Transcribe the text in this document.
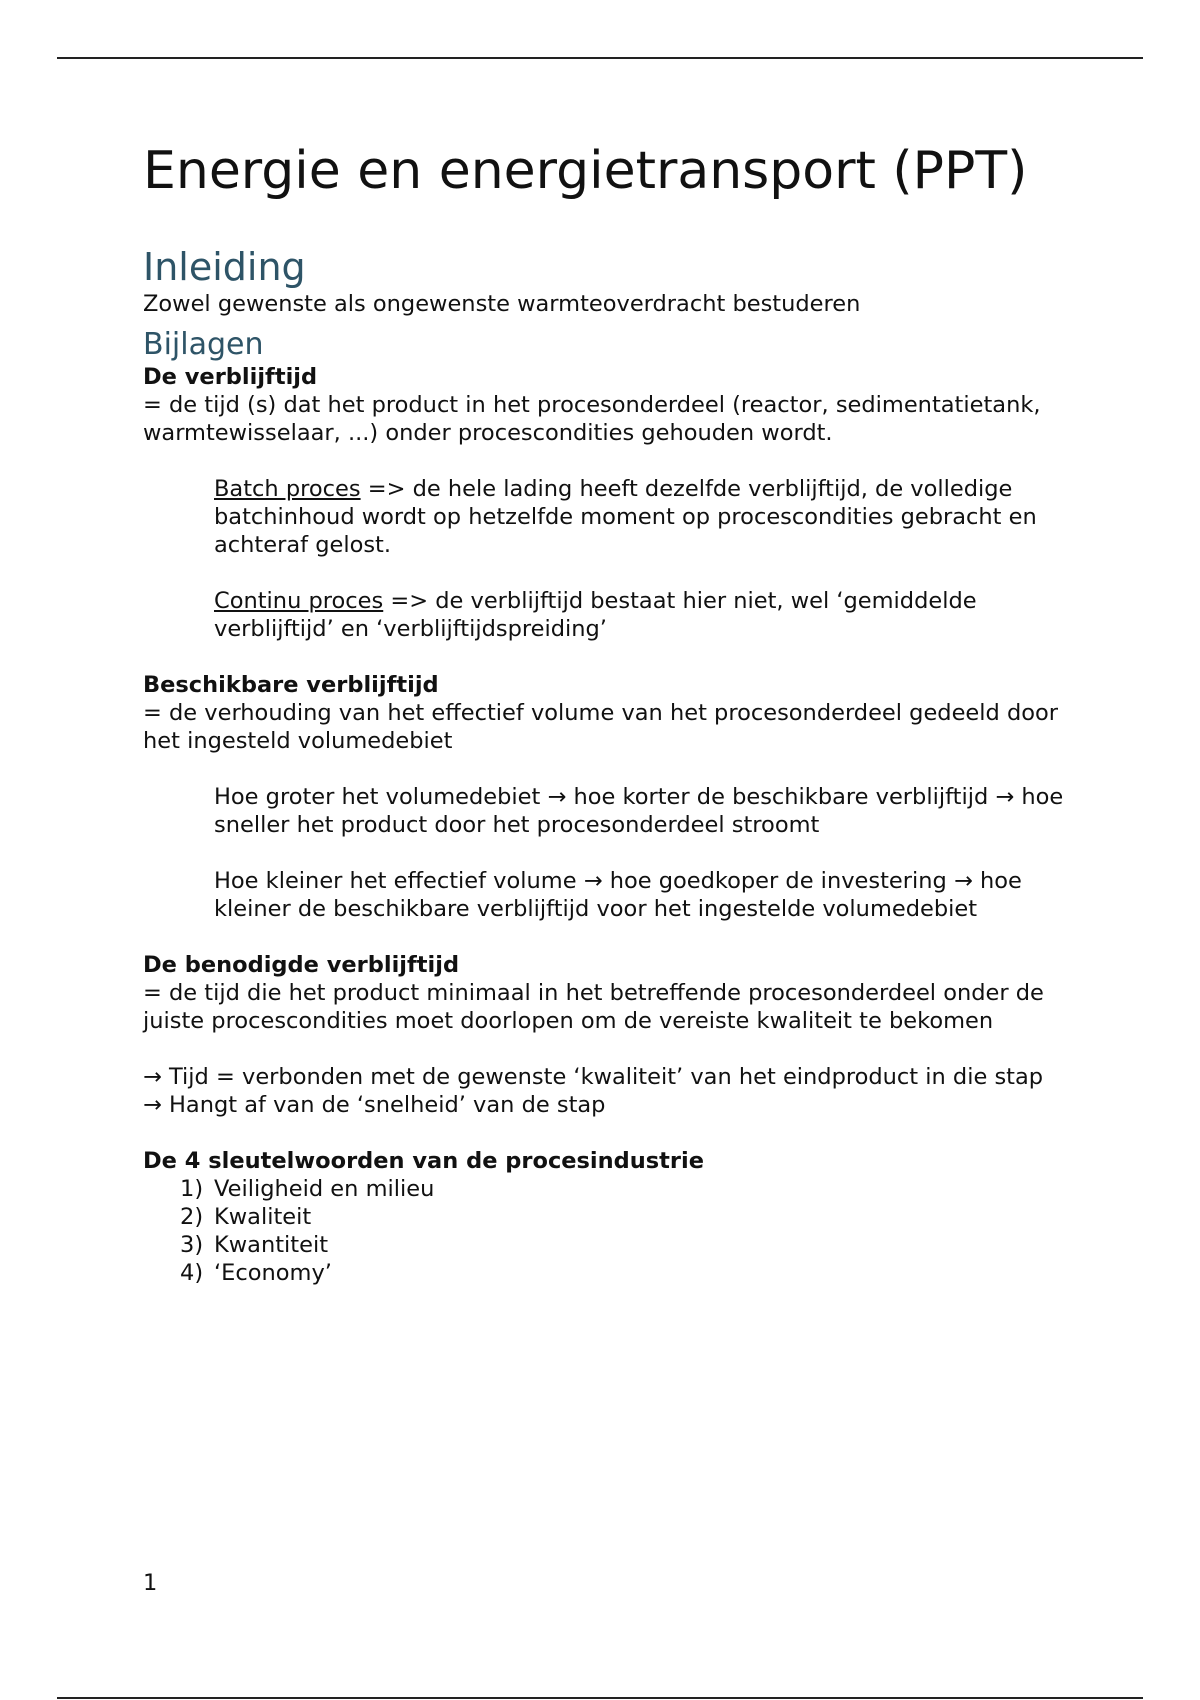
Energie en energietransport (PPT)
Inleiding

Zowel gewenste als ongewenste warmteoverdracht bestuderen

Bijlagen

De verblijftijd

= de tijd (s) dat het product in het procesonderdeel (reactor, sedimentatietank, warmtewisselaar, ...) onder procescondities gehouden wordt.

Batch proces => de hele lading heeft dezelfde verblijftijd, de volledige        batchinhoud wordt op hetzelfde moment op procescondities gebracht en achteraf gelost.

Continu proces => de verblijftijd bestaat hier niet, wel ‘gemiddelde verblijftijd’ en ‘verblijftijdspreiding’

Beschikbare verblijftijd

= de verhouding van het effectief volume van het procesonderdeel gedeeld door het ingesteld volumedebiet

Hoe groter het volumedebiet → hoe korter de beschikbare verblijftijd → hoe sneller het product door het procesonderdeel stroomt

Hoe kleiner het effectief volume → hoe goedkoper de investering → hoe kleiner de beschikbare verblijftijd voor het ingestelde volumedebiet

De benodigde verblijftijd

= de tijd die het product minimaal in het betreffende procesonderdeel onder de juiste procescondities moet doorlopen om de vereiste kwaliteit te bekomen

→ Tijd = verbonden met de gewenste ‘kwaliteit’ van het eindproduct in die stap

→ Hangt af van de ‘snelheid’ van de stap

De 4 sleutelwoorden van de procesindustrie

1) Veiligheid en milieu
2) Kwaliteit
3) Kwantiteit
4) ‘Economy’
1
